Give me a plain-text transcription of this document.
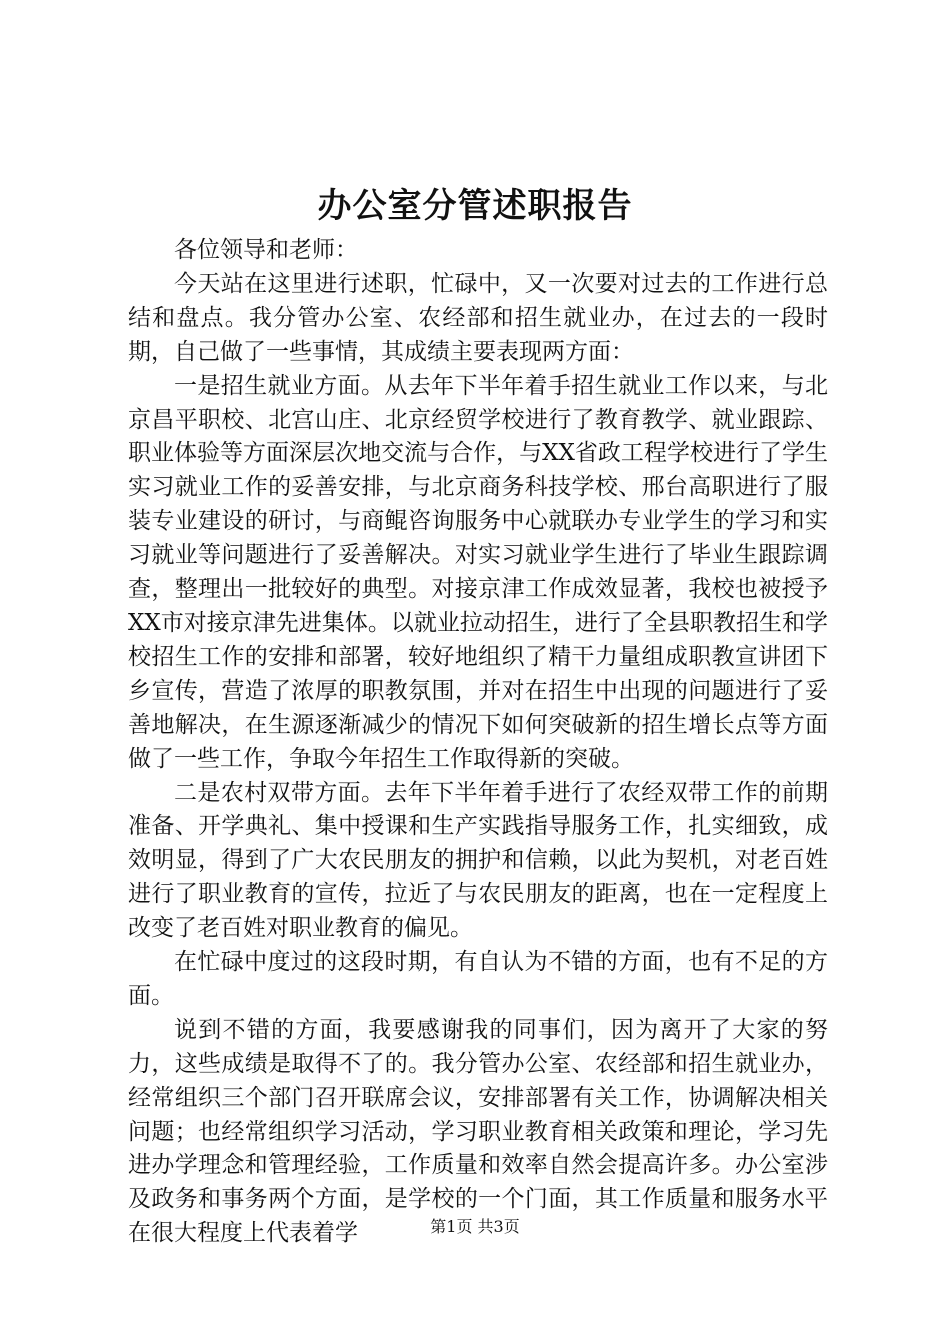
办公室分管述职报告

各位领导和老师：

今天站在这里进行述职，忙碌中，又一次要对过去的工作进行总结和盘点。我分管办公室、农经部和招生就业办，在过去的一段时期，自己做了一些事情，其成绩主要表现两方面：

一是招生就业方面。从去年下半年着手招生就业工作以来，与北京昌平职校、北宫山庄、北京经贸学校进行了教育教学、就业跟踪、职业体验等方面深层次地交流与合作，与XX省政工程学校进行了学生实习就业工作的妥善安排，与北京商务科技学校、邢台高职进行了服装专业建设的研讨，与商鲲咨询服务中心就联办专业学生的学习和实习就业等问题进行了妥善解决。对实习就业学生进行了毕业生跟踪调查，整理出一批较好的典型。对接京津工作成效显著，我校也被授予XX市对接京津先进集体。以就业拉动招生，进行了全县职教招生和学校招生工作的安排和部署，较好地组织了精干力量组成职教宣讲团下乡宣传，营造了浓厚的职教氛围，并对在招生中出现的问题进行了妥善地解决，在生源逐渐减少的情况下如何突破新的招生增长点等方面做了一些工作，争取今年招生工作取得新的突破。

二是农村双带方面。去年下半年着手进行了农经双带工作的前期准备、开学典礼、集中授课和生产实践指导服务工作，扎实细致，成效明显，得到了广大农民朋友的拥护和信赖，以此为契机，对老百姓进行了职业教育的宣传，拉近了与农民朋友的距离，也在一定程度上改变了老百姓对职业教育的偏见。

在忙碌中度过的这段时期，有自认为不错的方面，也有不足的方面。

说到不错的方面，我要感谢我的同事们，因为离开了大家的努力，这些成绩是取得不了的。我分管办公室、农经部和招生就业办，经常组织三个部门召开联席会议，安排部署有关工作，协调解决相关问题；也经常组织学习活动，学习职业教育相关政策和理论，学习先进办学理念和管理经验，工作质量和效率自然会提高许多。办公室涉及政务和事务两个方面，是学校的一个门面，其工作质量和服务水平在很大程度上代表着学	第1页 共3页
